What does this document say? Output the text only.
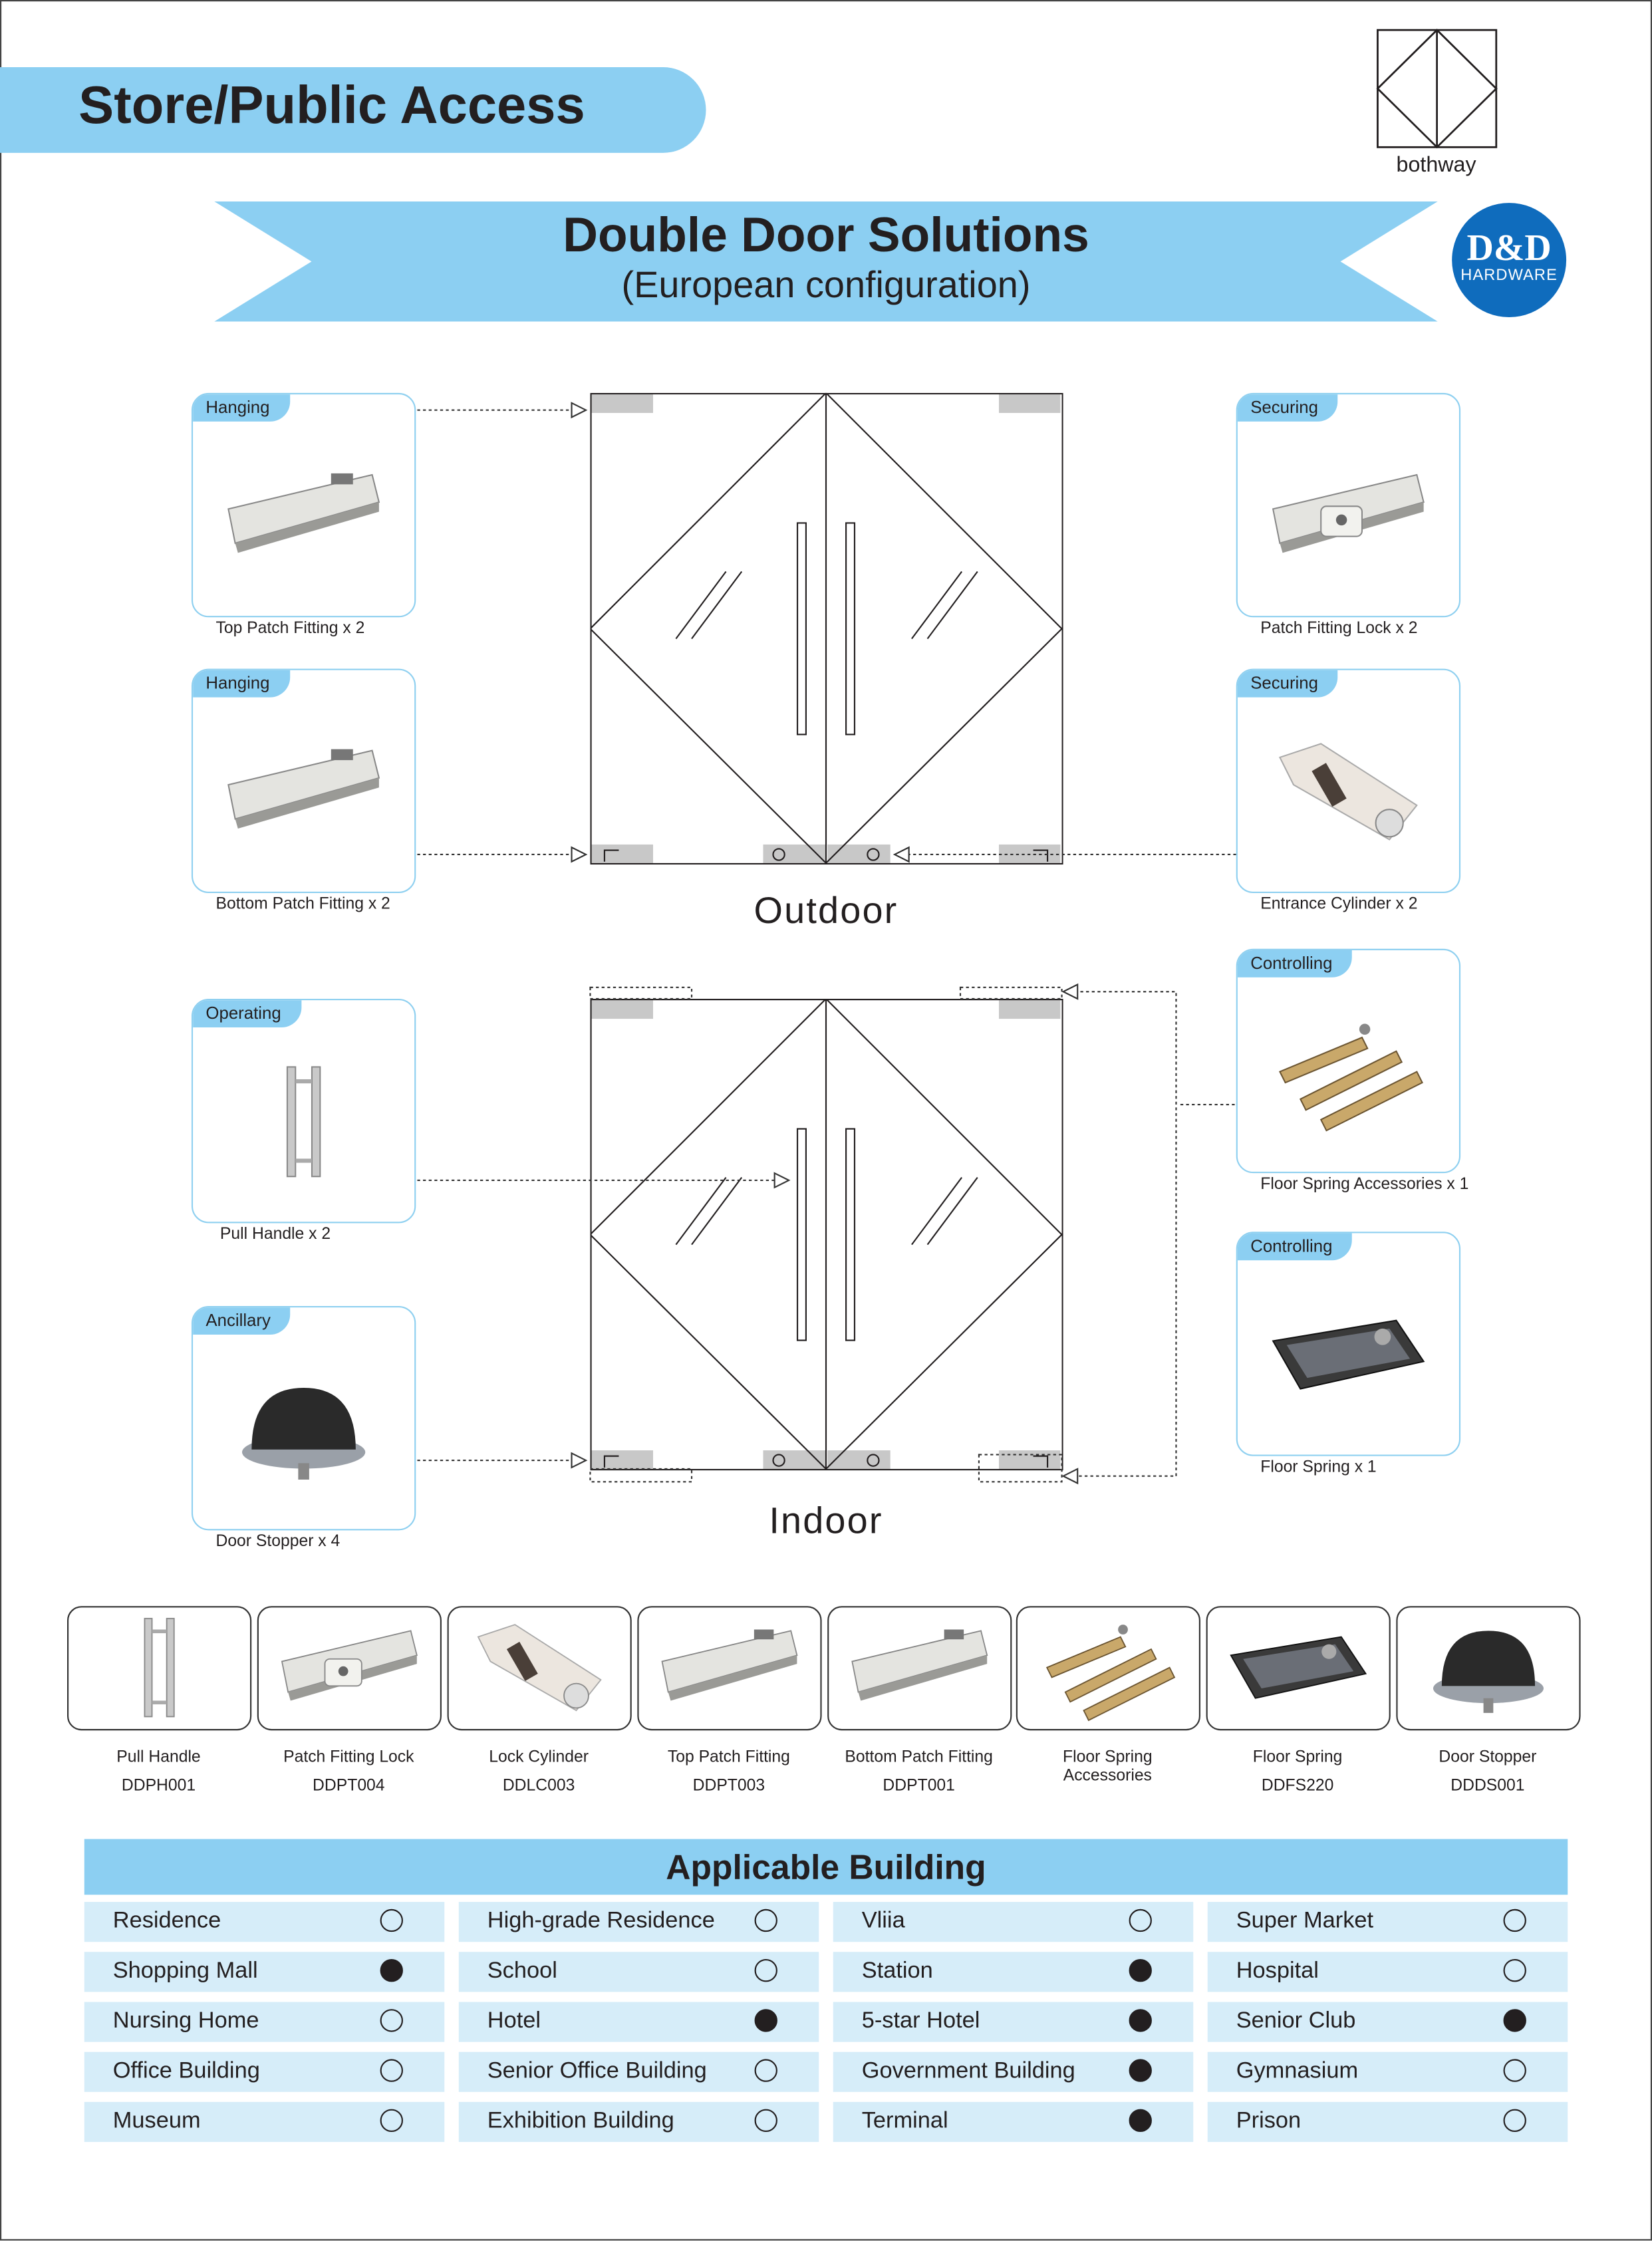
Store/Public Access
bothway
Double Door Solutions
(European configuration)
D&D
HARDWARE
Outdoor
Indoor
Hanging
Top Patch Fitting x 2
Hanging
Bottom Patch Fitting x 2
Operating
Pull Handle x 2
Ancillary
Door Stopper x 4
Securing
Patch Fitting Lock x 2
Securing
Entrance Cylinder x 2
Controlling
Floor Spring Accessories x 1
Controlling
Floor Spring x 1
Pull Handle
DDPH001
Patch Fitting Lock
DDPT004
Lock Cylinder
DDLC003
Top Patch Fitting
DDPT003
Bottom Patch Fitting
DDPT001
Floor Spring Accessories
Floor Spring
DDFS220
Door Stopper
DDDS001
Applicable Building
Residence	High-grade Residence	Vliia	Super Market
Shopping Mall	School	Station	Hospital
Nursing Home	Hotel	5-star Hotel	Senior Club
Office Building	Senior Office Building	Government Building	Gymnasium
Museum	Exhibition Building	Terminal	Prison
